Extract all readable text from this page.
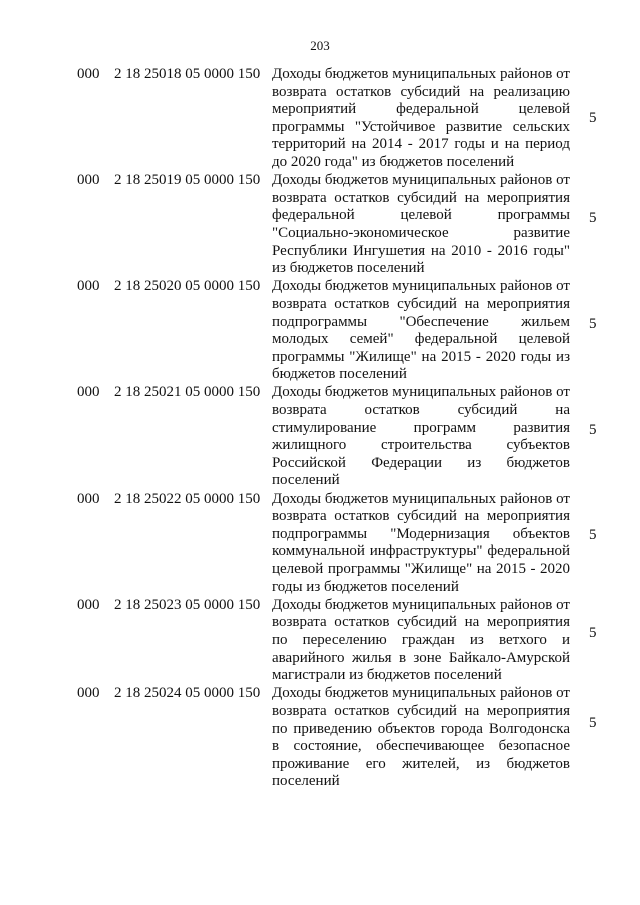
203
000 2 18 25018 05 0000 150 Доходы бюджетов муниципальных районов от возврата остатков субсидий на реализацию мероприятий федеральной целевой программы "Устойчивое развитие сельских территорий на 2014 - 2017 годы и на период до 2020 года" из бюджетов поселений
5
000 2 18 25019 05 0000 150 Доходы бюджетов муниципальных районов от возврата остатков субсидий на мероприятия федеральной целевой программы "Социально-экономическое развитие Республики Ингушетия на 2010 - 2016 годы" из бюджетов поселений
5
000 2 18 25020 05 0000 150 Доходы бюджетов муниципальных районов от возврата остатков субсидий на мероприятия подпрограммы "Обеспечение жильем молодых семей" федеральной целевой программы "Жилище" на 2015 - 2020 годы из бюджетов поселений
5
000 2 18 25021 05 0000 150 Доходы бюджетов муниципальных районов от возврата остатков субсидий на стимулирование программ развития жилищного строительства субъектов Российской Федерации из бюджетов поселений
5
000 2 18 25022 05 0000 150 Доходы бюджетов муниципальных районов от возврата остатков субсидий на мероприятия подпрограммы "Модернизация объектов коммунальной инфраструктуры" федеральной целевой программы "Жилище" на 2015 - 2020 годы из бюджетов поселений
5
000 2 18 25023 05 0000 150 Доходы бюджетов муниципальных районов от возврата остатков субсидий на мероприятия по переселению граждан из ветхого и аварийного жилья в зоне Байкало-Амурской магистрали из бюджетов поселений
5
000 2 18 25024 05 0000 150 Доходы бюджетов муниципальных районов от возврата остатков субсидий на мероприятия по приведению объектов города Волгодонска в состояние, обеспечивающее безопасное проживание его жителей, из бюджетов поселений
5
